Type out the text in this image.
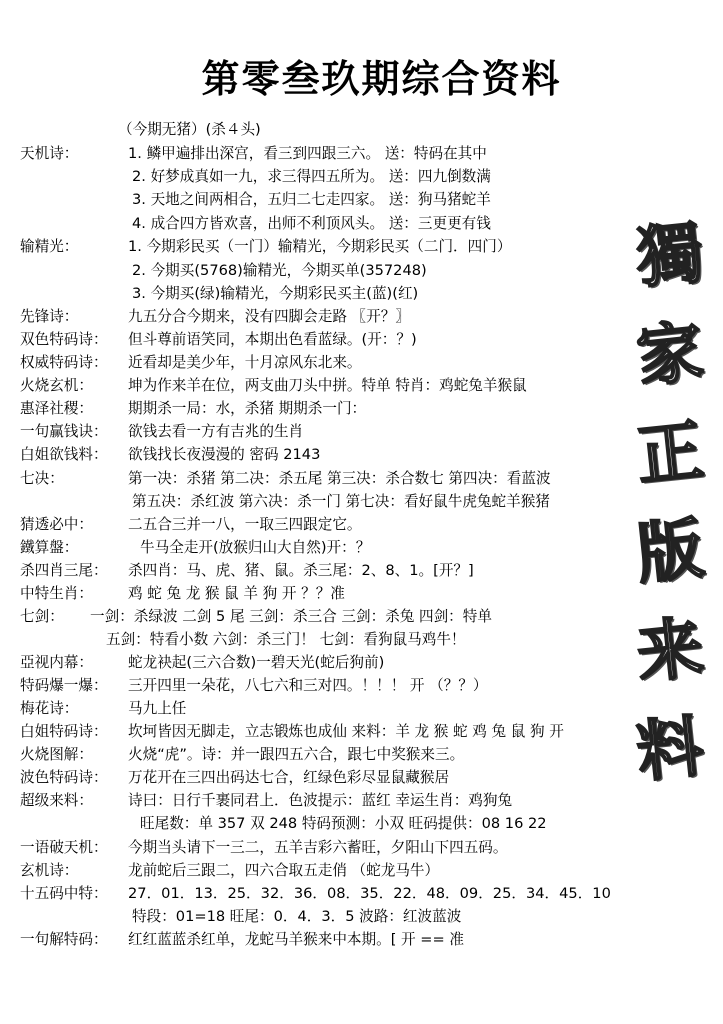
第零叁玖期综合资料
獨
家
正
版
来
料
（今期无猪）(杀４头)
天机诗：	1. 鳞甲遍排出深宫，看三到四跟三六。 送：特码在其中
2. 好梦成真如一九，求三得四五所为。 送：四九倒数满
3. 天地之间两相合，五归二七走四家。 送：狗马猪蛇羊
4. 成合四方皆欢喜，出师不利顶风头。 送：三更更有钱
输精光：	1. 今期彩民买（一门）输精光，今期彩民买（二门．四门）
2. 今期买(5768)输精光，今期买单(357248)
3. 今期买(绿)输精光，今期彩民买主(蓝)(红)
先锋诗：	九五分合今期来，没有四脚会走路 〖开？〗
双色特码诗： 但斗尊前语笑同，本期出色看蓝绿。(开：？)
权威特码诗： 近看却是美少年，十月凉风东北来。
火烧玄机： 坤为作来羊在位，两支曲刀头中拼。特单 特肖：鸡蛇兔羊猴鼠
惠泽社稷： 期期杀一局：水，杀猪 期期杀一门：
一句赢钱诀： 欲钱去看一方有吉兆的生肖
白姐欲钱料： 欲钱找长夜漫漫的 密码 2143
七决：	第一决：杀猪 第二决：杀五尾 第三决：杀合数七 第四决：看蓝波
第五决：杀红波 第六决：杀一门 第七决：看好鼠牛虎兔蛇羊猴猪
猜透必中： 二五合三并一八，一取三四跟定它。
鐵算盤：	牛马全走开(放猴归山大自然)开：？
杀四肖三尾： 杀四肖：马、虎、猪、鼠。杀三尾：2、8、1。[开？]
中特生肖： 鸡 蛇 兔 龙 猴 鼠 羊 狗 开 ？？准
七剑： 一剑：杀绿波 二剑 5 尾 三剑：杀三合 三剑：杀兔 四剑：特单
五剑：特看小数 六剑：杀三门！ 七剑：看狗鼠马鸡牛！
亞视内幕： 蛇龙袂起(三六合数)一碧天光(蛇后狗前)
特码爆一爆： 三开四里一朵花，八七六和三对四。！！！ 开 （？？）
梅花诗：	马九上任
白姐特码诗： 坎坷皆因无脚走，立志锻炼也成仙 来料：羊 龙 猴 蛇 鸡 兔 鼠 狗 开
火烧图解： 火烧“虎”。诗：并一跟四五六合，跟七中奖猴来三。
波色特码诗： 万花开在三四出码达七合，红绿色彩尽显鼠藏猴居
超级来料： 诗曰：日行千裹同君上．色波提示：蓝红 幸运生肖：鸡狗兔
旺尾数：单 357 双 248 特码预测：小双 旺码提供：08 16 22
一语破天机： 今期当头请下一三二，五羊吉彩六蓄旺，夕阳山下四五码。
玄机诗：	龙前蛇后三跟二，四六合取五走俏 （蛇龙马牛）
十五码中特： 27．01．13．25．32．36．08．35．22．48．09．25．34．45．10
特段：01=18 旺尾：0．4．3．5 波路：红波蓝波
一句解特码： 红红蓝蓝杀红单，龙蛇马羊猴来中本期。[ 开 == 准
